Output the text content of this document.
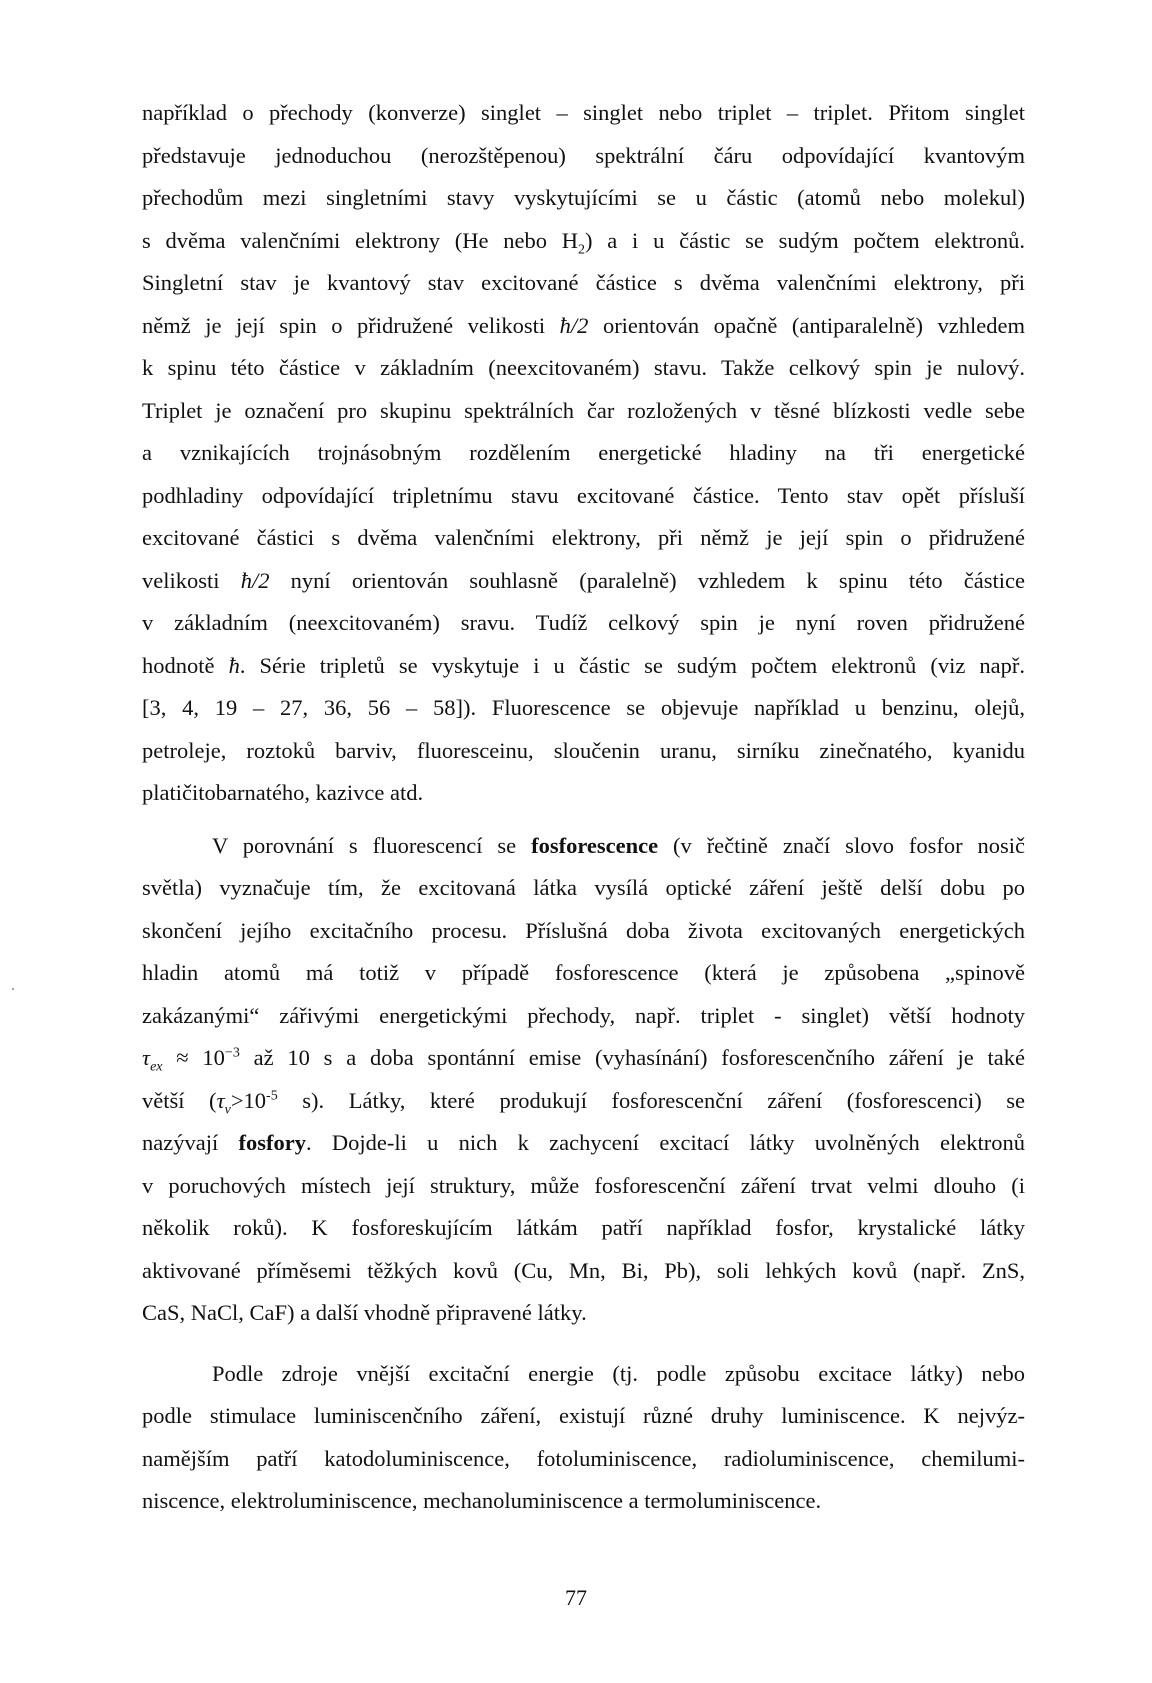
například o přechody (konverze) singlet – singlet nebo triplet – triplet. Přitom singlet
představuje jednoduchou (nerozštěpenou) spektrální čáru odpovídající kvantovým
přechodům mezi singletními stavy vyskytujícími se u částic (atomů nebo molekul)
s dvěma valenčními elektrony (He nebo $H_2$) a i u částic se sudým počtem elektronů.
Singletní stav je kvantový stav excitované částice s dvěma valenčními elektrony, při
němž je její spin o přidružené velikosti ħ/2 orientován opačně (antiparalelně) vzhledem
k spinu této částice v základním (neexcitovaném) stavu. Takže celkový spin je nulový.
Triplet je označení pro skupinu spektrálních čar rozložených v těsné blízkosti vedle sebe
a vznikajících trojnásobným rozdělením energetické hladiny na tři energetické
podhladiny odpovídající tripletnímu stavu excitované částice. Tento stav opět přísluší
excitované částici s dvěma valenčními elektrony, při němž je její spin o přidružené
velikosti ħ/2 nyní orientován souhlasně (paralelně) vzhledem k spinu této částice
v základním (neexcitovaném) sravu. Tudíž celkový spin je nyní roven přidružené
hodnotě ħ. Série tripletů se vyskytuje i u částic se sudým počtem elektronů (viz např.
[3, 4, 19 – 27, 36, 56 – 58]). Fluorescence se objevuje například u benzinu, olejů,
petroleje, roztoků barviv, fluoresceinu, sloučenin uranu, sirníku zinečnatého, kyanidu
platičitobarnatého, kazivce atd.
V porovnání s fluorescencí se fosforescence (v řečtině značí slovo fosfor nosič
světla) vyznačuje tím, že excitovaná látka vysílá optické záření ještě delší dobu po
skončení jejího excitačního procesu. Příslušná doba života excitovaných energetických
hladin atomů má totiž v případě fosforescence (která je způsobena „spinově
zakázanými“ zářivými energetickými přechody, např. triplet - singlet) větší hodnoty
$\tau_{ex} \approx 10^{-3}$ až 10 s a doba spontánní emise (vyhasínání) fosforescenčního záření je také
větší ($\tau_v>10^{-5}$ s). Látky, které produkují fosforescenční záření (fosforescenci) se
nazývají fosfory. Dojde-li u nich k zachycení excitací látky uvolněných elektronů
v poruchových místech její struktury, může fosforescenční záření trvat velmi dlouho (i
několik roků). K fosforeskujícím látkám patří například fosfor, krystalické látky
aktivované příměsemi těžkých kovů (Cu, Mn, Bi, Pb), soli lehkých kovů (např. ZnS,
CaS, NaCl, CaF) a další vhodně připravené látky.
Podle zdroje vnější excitační energie (tj. podle způsobu excitace látky) nebo
podle stimulace luminiscenčního záření, existují různé druhy luminiscence. K nejvýz-
namějším patří katodoluminiscence, fotoluminiscence, radioluminiscence, chemilumi-
niscence, elektroluminiscence, mechanoluminiscence a termoluminiscence.
77
